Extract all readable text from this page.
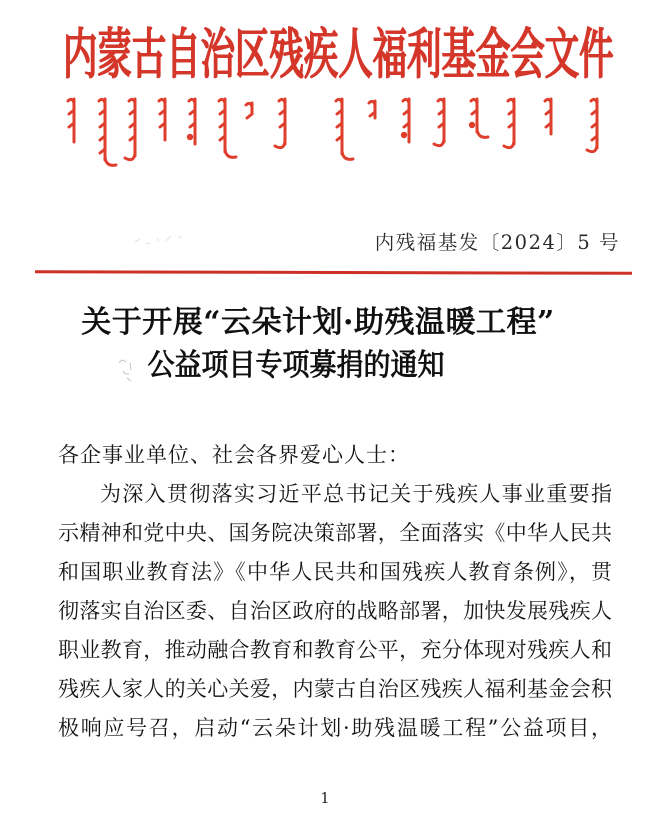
内蒙古自治区残疾人福利基金会文件
内残福基发〔2024〕5 号
关于开展“云朵计划·助残温暖工程”
公益项目专项募捐的通知
各企事业单位、社会各界爱心人士：
为深入贯彻落实习近平总书记关于残疾人事业重要指
示精神和党中央、国务院决策部署，全面落实《中华人民共
和国职业教育法》《中华人民共和国残疾人教育条例》，贯
彻落实自治区委、自治区政府的战略部署，加快发展残疾人
职业教育，推动融合教育和教育公平，充分体现对残疾人和
残疾人家人的关心关爱，内蒙古自治区残疾人福利基金会积
极响应号召，启动“云朵计划·助残温暖工程”公益项目，
1
